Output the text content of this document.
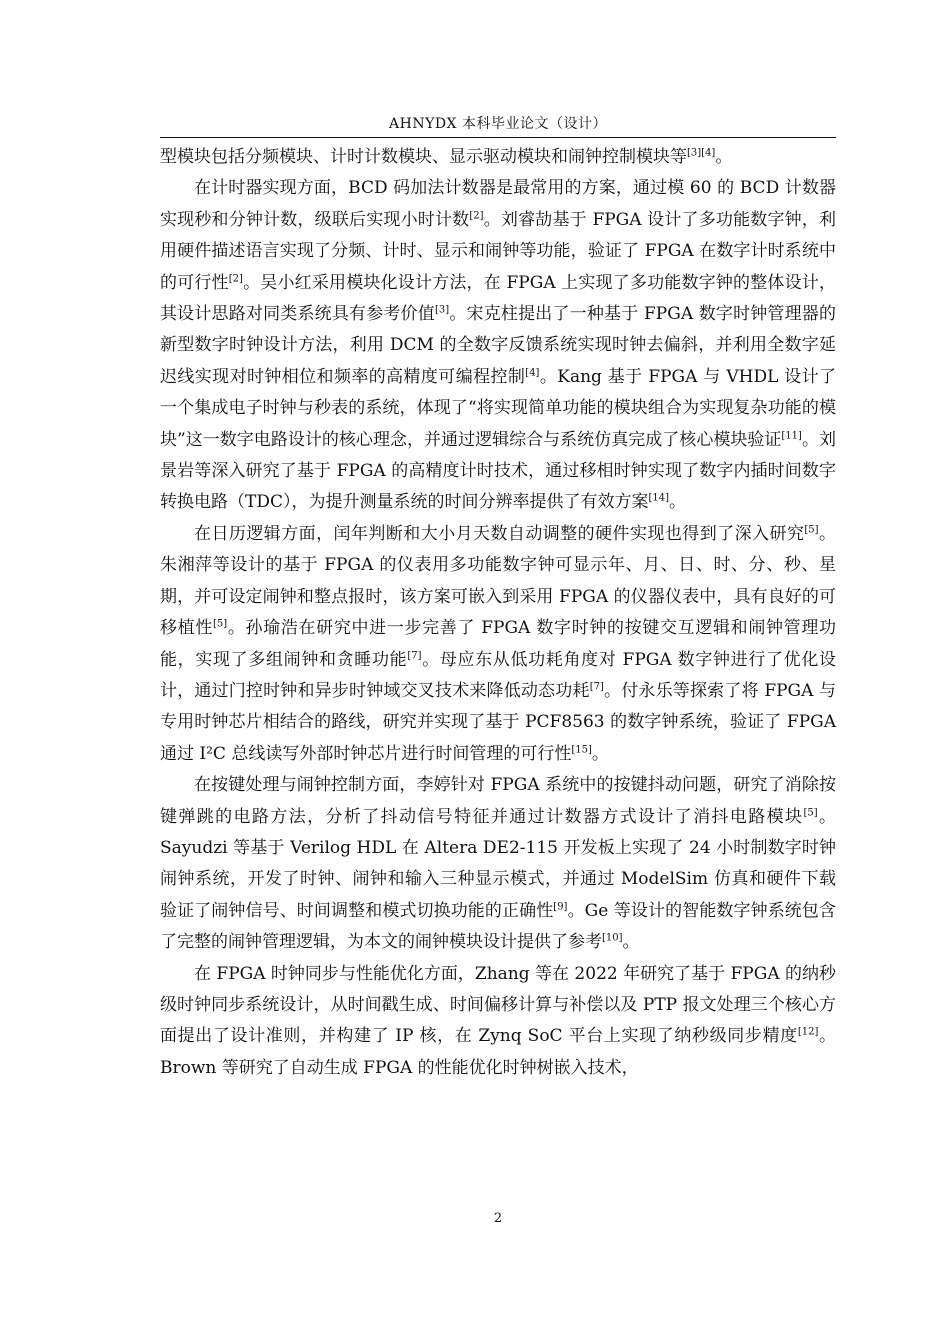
AHNYDX 本科毕业论文（设计）

型模块包括分频模块、计时计数模块、显示驱动模块和闹钟控制模块等[3][4]。

在计时器实现方面，BCD 码加法计数器是最常用的方案，通过模 60 的 BCD 计数器实现秒和分钟计数，级联后实现小时计数[2]。刘睿劼基于 FPGA 设计了多功能数字钟，利用硬件描述语言实现了分频、计时、显示和闹钟等功能，验证了 FPGA 在数字计时系统中的可行性[2]。吴小红采用模块化设计方法，在 FPGA 上实现了多功能数字钟的整体设计，其设计思路对同类系统具有参考价值[3]。宋克柱提出了一种基于 FPGA 数字时钟管理器的新型数字时钟设计方法，利用 DCM 的全数字反馈系统实现时钟去偏斜，并利用全数字延迟线实现对时钟相位和频率的高精度可编程控制[4]。Kang 基于 FPGA 与 VHDL 设计了一个集成电子时钟与秒表的系统，体现了“将实现简单功能的模块组合为实现复杂功能的模块”这一数字电路设计的核心理念，并通过逻辑综合与系统仿真完成了核心模块验证[11]。刘景岩等深入研究了基于 FPGA 的高精度计时技术，通过移相时钟实现了数字内插时间数字转换电路（TDC），为提升测量系统的时间分辨率提供了有效方案[14]。

在日历逻辑方面，闰年判断和大小月天数自动调整的硬件实现也得到了深入研究[5]。朱湘萍等设计的基于 FPGA 的仪表用多功能数字钟可显示年、月、日、时、分、秒、星期，并可设定闹钟和整点报时，该方案可嵌入到采用 FPGA 的仪器仪表中，具有良好的可移植性[5]。孙瑜浩在研究中进一步完善了 FPGA 数字时钟的按键交互逻辑和闹钟管理功能，实现了多组闹钟和贪睡功能[7]。母应东从低功耗角度对 FPGA 数字钟进行了优化设计，通过门控时钟和异步时钟域交叉技术来降低动态功耗[7]。付永乐等探索了将 FPGA 与专用时钟芯片相结合的路线，研究并实现了基于 PCF8563 的数字钟系统，验证了 FPGA 通过 I²C 总线读写外部时钟芯片进行时间管理的可行性[15]。

在按键处理与闹钟控制方面，李婷针对 FPGA 系统中的按键抖动问题，研究了消除按键弹跳的电路方法，分析了抖动信号特征并通过计数器方式设计了消抖电路模块[5]。Sayudzi 等基于 Verilog HDL 在 Altera DE2-115 开发板上实现了 24 小时制数字时钟闹钟系统，开发了时钟、闹钟和输入三种显示模式，并通过 ModelSim 仿真和硬件下载验证了闹钟信号、时间调整和模式切换功能的正确性[9]。Ge 等设计的智能数字钟系统包含了完整的闹钟管理逻辑，为本文的闹钟模块设计提供了参考[10]。

在 FPGA 时钟同步与性能优化方面，Zhang 等在 2022 年研究了基于 FPGA 的纳秒级时钟同步系统设计，从时间戳生成、时间偏移计算与补偿以及 PTP 报文处理三个核心方面提出了设计准则，并构建了 IP 核，在 Zynq SoC 平台上实现了纳秒级同步精度[12]。Brown 等研究了自动生成 FPGA 的性能优化时钟树嵌入技术，

2
